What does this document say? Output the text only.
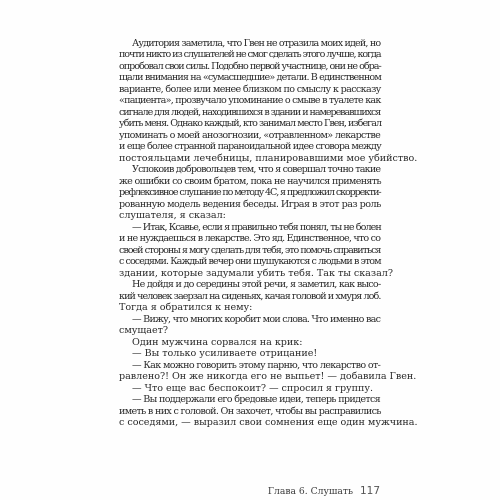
Аудитория заметила, что Гвен не отразила моих идей, но
почти никто из слушателей не смог сделать этого лучше, когда
опробовал свои силы. Подобно первой участнице, они не обра-
щали внимания на «сумасшедшие» детали. В единственном
варианте, более или менее близком по смыслу к рассказу
«пациента», прозвучало упоминание о смыве в туалете как
сигнале для людей, находившихся в здании и намеревавшихся
убить меня. Однако каждый, кто занимал место Гвен, избегал
упоминать о моей анозогнозии, «отравленном» лекарстве
и еще более странной параноидальной идее сговора между
постояльцами лечебницы, планировавшими мое убийство.
Успокоив добровольцев тем, что я совершал точно такие
же ошибки со своим братом, пока не научился применять
рефлексивное слушание по методу 4С, я предложил скорректи-
рованную модель ведения беседы. Играя в этот раз роль
слушателя, я сказал:
— Итак, Ксавье, если я правильно тебя понял, ты не болен
и не нуждаешься в лекарстве. Это яд. Единственное, что со
своей стороны я могу сделать для тебя, это помочь справиться
с соседями. Каждый вечер они шушукаются с людьми в этом
здании, которые задумали убить тебя. Так ты сказал?
Не дойдя и до середины этой речи, я заметил, как высо-
кий человек заерзал на сиденьях, качая головой и хмуря лоб.
Тогда я обратился к нему:
— Вижу, что многих коробит мои слова. Что именно вас
смущает?
Один мужчина сорвался на крик:
— Вы только усиливаете отрицание!
— Как можно говорить этому парню, что лекарство от-
равлено?! Он же никогда его не выпьет! — добавила Гвен.
— Что еще вас беспокоит? — спросил я группу.
— Вы поддержали его бредовые идеи, теперь придется
иметь в них с головой. Он захочет, чтобы вы расправились
с соседями, — выразил свои сомнения еще один мужчина.
Глава 6. Слушать 117
